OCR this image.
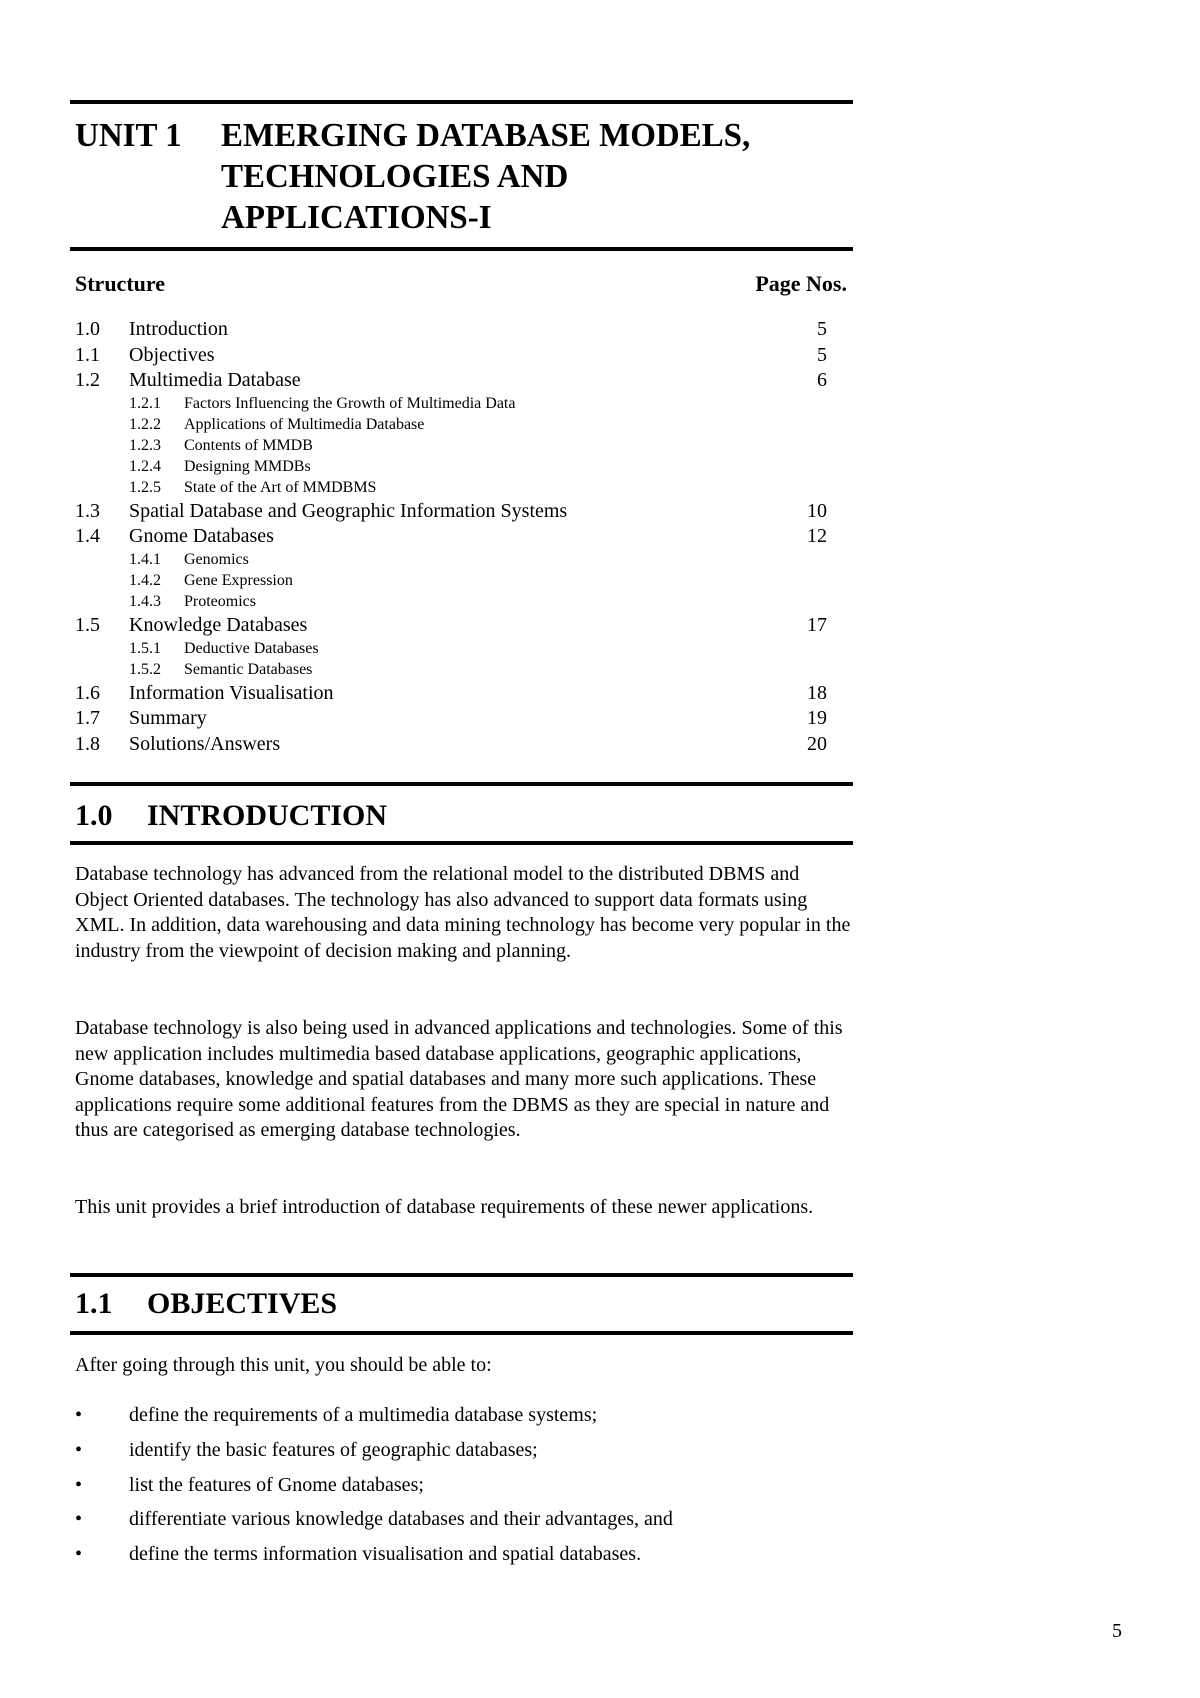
UNIT 1 EMERGING DATABASE MODELS,
TECHNOLOGIES AND
APPLICATIONS-I
Structure	Page Nos.
1.0 Introduction	5
1.1 Objectives	5
1.2 Multimedia Database	6
1.2.1 Factors Influencing the Growth of Multimedia Data
1.2.2 Applications of Multimedia Database
1.2.3 Contents of MMDB
1.2.4 Designing MMDBs
1.2.5 State of the Art of MMDBMS
1.3 Spatial Database and Geographic Information Systems	10
1.4 Gnome Databases	12
1.4.1 Genomics
1.4.2 Gene Expression
1.4.3 Proteomics
1.5 Knowledge Databases	17
1.5.1 Deductive Databases
1.5.2 Semantic Databases
1.6 Information Visualisation	18
1.7 Summary	19
1.8 Solutions/Answers	20
1.0 INTRODUCTION

Database technology has advanced from the relational model to the distributed DBMS and Object Oriented databases. The technology has also advanced to support data formats using XML. In addition, data warehousing and data mining technology has become very popular in the industry from the viewpoint of decision making and planning.

Database technology is also being used in advanced applications and technologies. Some of this new application includes multimedia based database applications, geographic applications, Gnome databases, knowledge and spatial databases and many more such applications. These applications require some additional features from the DBMS as they are special in nature and thus are categorised as emerging database technologies.

This unit provides a brief introduction of database requirements of these newer applications.

1.1 OBJECTIVES

After going through this unit, you should be able to:

• define the requirements of a multimedia database systems;
• identify the basic features of geographic databases;
• list the features of Gnome databases;
• differentiate various knowledge databases and their advantages, and
• define the terms information visualisation and spatial databases.
5
